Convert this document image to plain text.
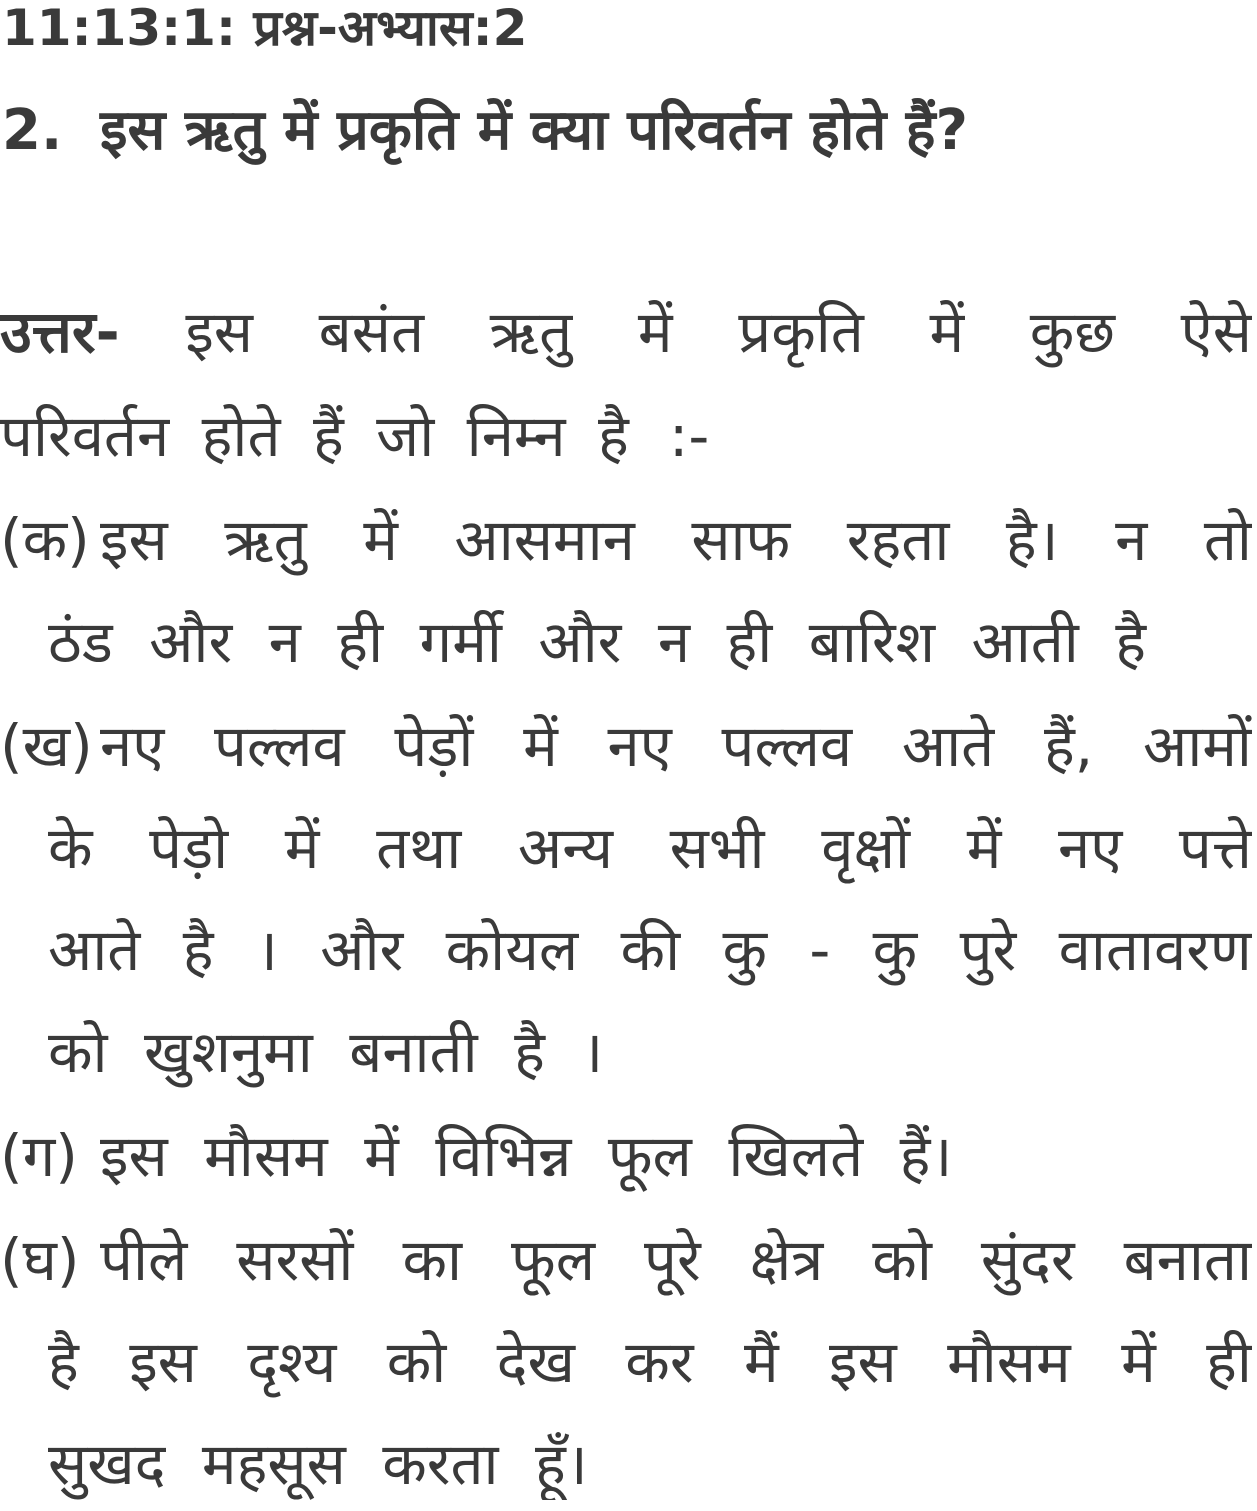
11:13:1: प्रश्न-अभ्यास:2
2. इस ऋतु में प्रकृति में क्या परिवर्तन होते हैं?
उत्तर- इस बसंत ऋतु में प्रकृति में कुछ ऐसे
परिवर्तन होते हैं जो निम्न है :-
(क) इस ऋतु में आसमान साफ रहता है। न तो
ठंड और न ही गर्मी और न ही बारिश आती है
(ख) नए पल्लव पेड़ों में नए पल्लव आते हैं, आमों
के पेड़ो में तथा अन्य सभी वृक्षों में नए पत्ते
आते है । और कोयल की कु - कु पुरे वातावरण
को खुशनुमा बनाती है ।
(ग) इस मौसम में विभिन्न फूल खिलते हैं।
(घ) पीले सरसों का फूल पूरे क्षेत्र को सुंदर बनाता
है इस दृश्य को देख कर मैं इस मौसम में ही
सुखद महसूस करता हूँ।
